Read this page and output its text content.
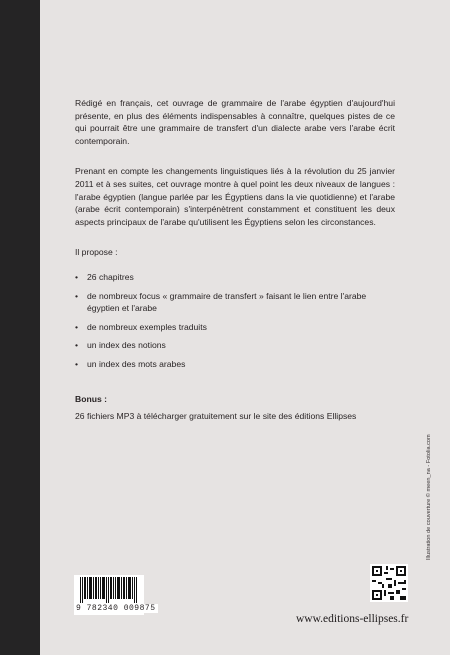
Rédigé en français, cet ouvrage de grammaire de l'arabe égyptien d'aujourd'hui présente, en plus des éléments indispensables à connaître, quelques pistes de ce qui pourrait être une grammaire de transfert d'un dialecte arabe vers l'arabe écrit contemporain.

Prenant en compte les changements linguistiques liés à la révolution du 25 janvier 2011 et à ses suites, cet ouvrage montre à quel point les deux niveaux de langues : l'arabe égyptien (langue parlée par les Égyptiens dans la vie quotidienne) et l'arabe (arabe écrit contemporain) s'interpénètrent constamment et constituent les deux aspects principaux de l'arabe qu'utilisent les Égyptiens selon les circonstances.

Il propose :

• 26 chapitres
• de nombreux focus « grammaire de transfert » faisant le lien entre l'arabe égyptien et l'arabe
• de nombreux exemples traduits
• un index des notions
• un index des mots arabes

Bonus :

26 fichiers MP3 à télécharger gratuitement sur le site des éditions Ellipses

Illustration de couverture © meen_na - Fotolia.com
9 782340 009875
www.editions-ellipses.fr
